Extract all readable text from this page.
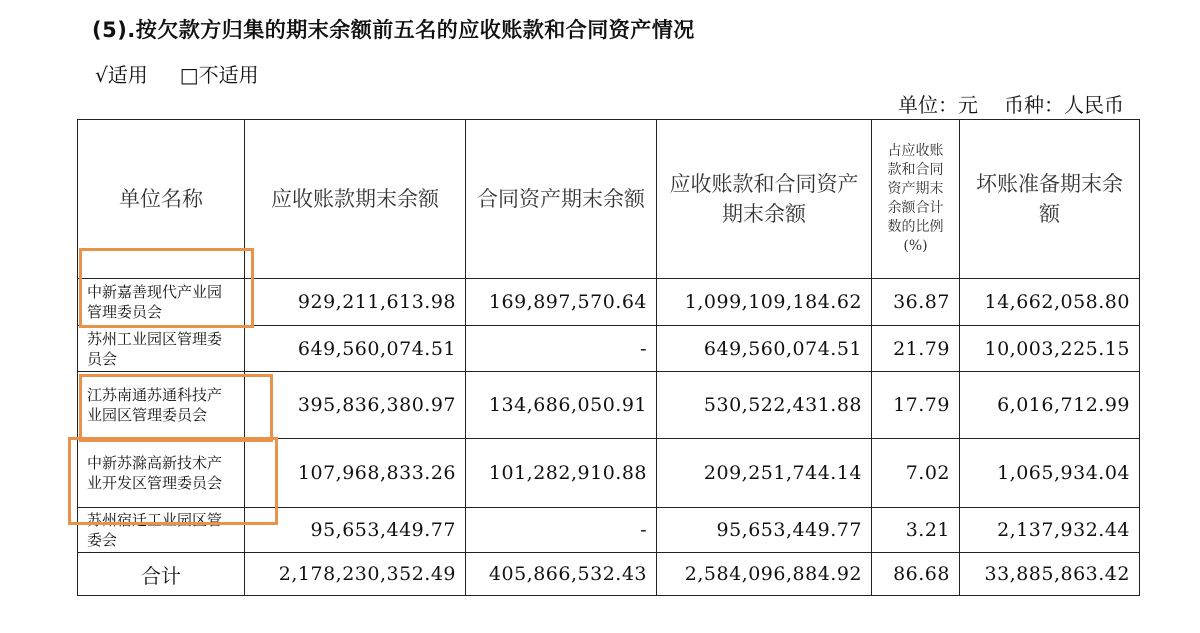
(5).按欠款方归集的期末余额前五名的应收账款和合同资产情况
√适用 □不适用
单位：元 币种：人民币
单位名称	应收账款期末余额	合同资产期末余额	应收账款和合同资产期末余额	占应收账款和合同资产期末余额合计数的比例(%)	坏账准备期末余额
中新嘉善现代产业园管理委员会	929,211,613.98	169,897,570.64	1,099,109,184.62	36.87	14,662,058.80
苏州工业园区管理委员会	649,560,074.51	-	649,560,074.51	21.79	10,003,225.15
江苏南通苏通科技产业园区管理委员会	395,836,380.97	134,686,050.91	530,522,431.88	17.79	6,016,712.99
中新苏滁高新技术产业开发区管理委员会	107,968,833.26	101,282,910.88	209,251,744.14	7.02	1,065,934.04
苏州宿迁工业园区管委会	95,653,449.77	-	95,653,449.77	3.21	2,137,932.44
合计	2,178,230,352.49	405,866,532.43	2,584,096,884.92	86.68	33,885,863.42
